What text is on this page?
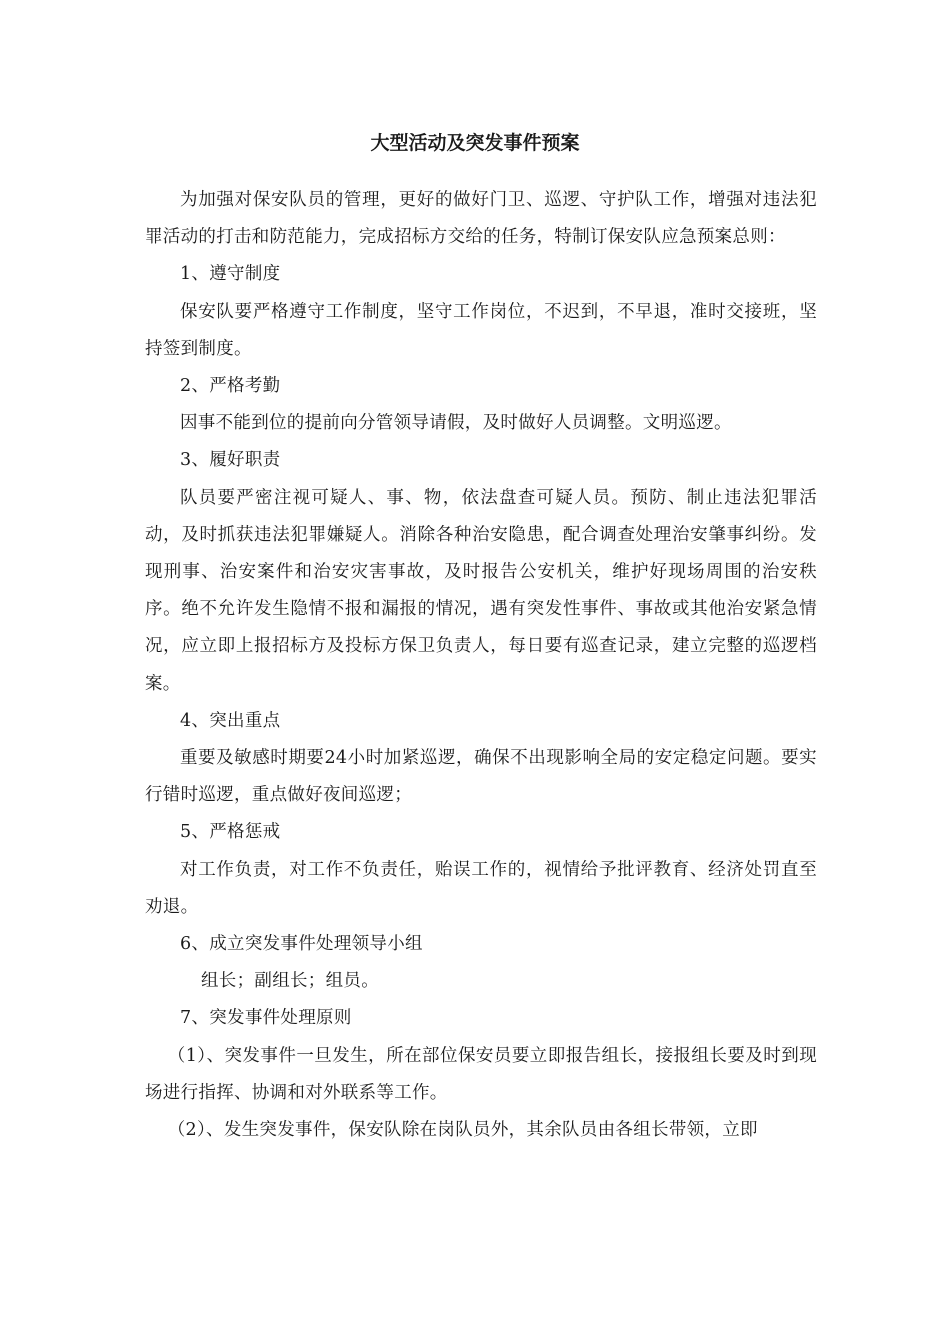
大型活动及突发事件预案

为加强对保安队员的管理，更好的做好门卫、巡逻、守护队工作，增强对违法犯罪活动的打击和防范能力，完成招标方交给的任务，特制订保安队应急预案总则：

1、遵守制度

保安队要严格遵守工作制度，坚守工作岗位，不迟到，不早退，准时交接班，坚持签到制度。

2、严格考勤

因事不能到位的提前向分管领导请假，及时做好人员调整。文明巡逻。

3、履好职责

队员要严密注视可疑人、事、物，依法盘查可疑人员。预防、制止违法犯罪活动，及时抓获违法犯罪嫌疑人。消除各种治安隐患，配合调查处理治安肇事纠纷。发现刑事、治安案件和治安灾害事故，及时报告公安机关，维护好现场周围的治安秩序。绝不允许发生隐情不报和漏报的情况，遇有突发性事件、事故或其他治安紧急情况，应立即上报招标方及投标方保卫负责人，每日要有巡查记录，建立完整的巡逻档案。

4、突出重点

重要及敏感时期要24小时加紧巡逻，确保不出现影响全局的安定稳定问题。要实行错时巡逻，重点做好夜间巡逻；

5、严格惩戒

对工作负责，对工作不负责任，贻误工作的，视情给予批评教育、经济处罚直至劝退。

6、成立突发事件处理领导小组

组长；副组长；组员。

7、突发事件处理原则

（1）、突发事件一旦发生，所在部位保安员要立即报告组长，接报组长要及时到现场进行指挥、协调和对外联系等工作。

（2）、发生突发事件，保安队除在岗队员外，其余队员由各组长带领，立即
